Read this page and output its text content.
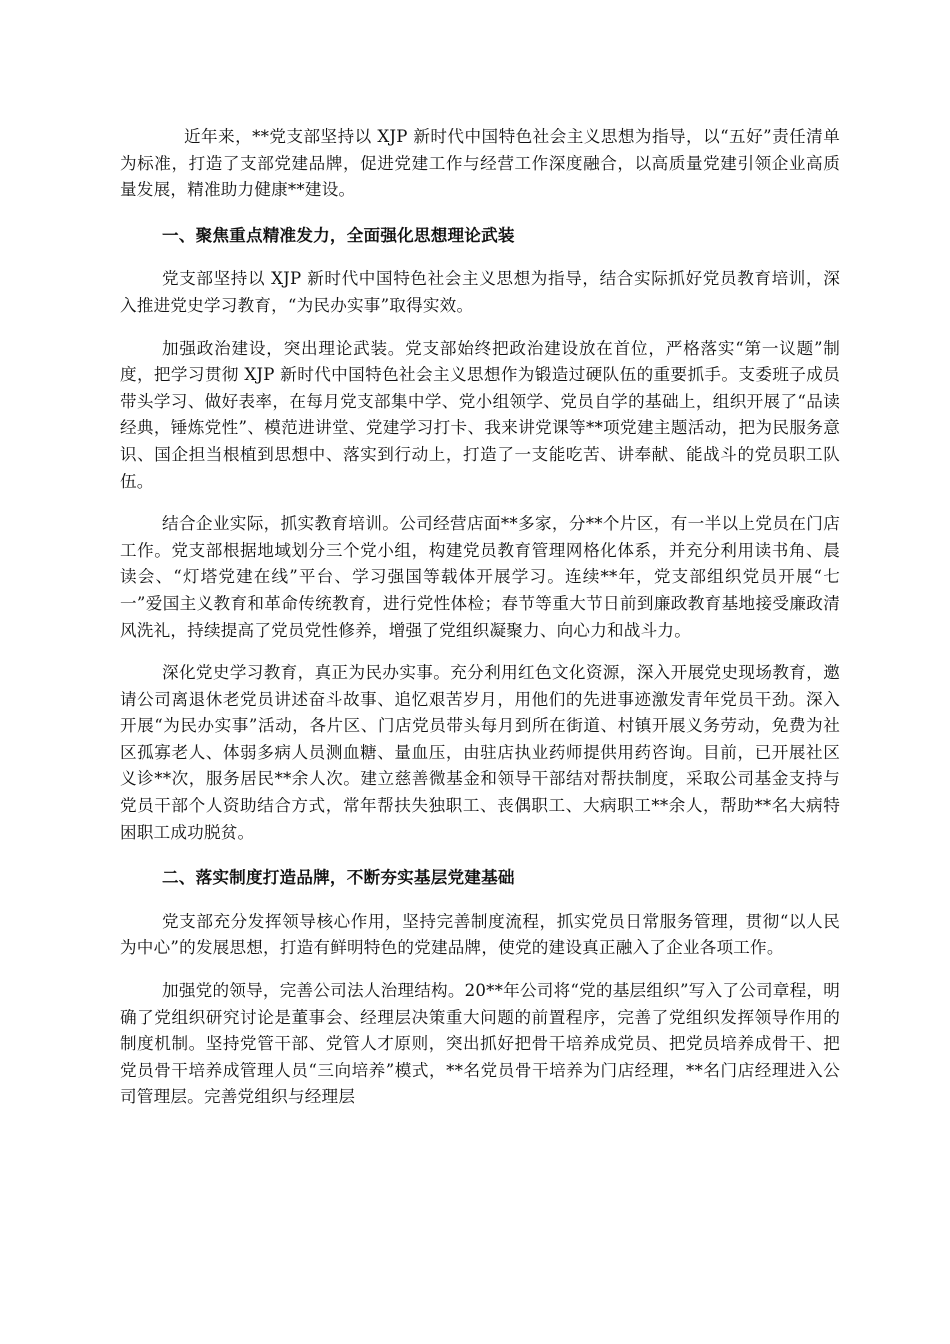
近年来，**党支部坚持以 XJP 新时代中国特色社会主义思想为指导，以“五好”责任清单为标准，打造了支部党建品牌，促进党建工作与经营工作深度融合，以高质量党建引领企业高质量发展，精准助力健康**建设。

一、聚焦重点精准发力，全面强化思想理论武装

党支部坚持以 XJP 新时代中国特色社会主义思想为指导，结合实际抓好党员教育培训，深入推进党史学习教育，“为民办实事”取得实效。

加强政治建设，突出理论武装。党支部始终把政治建设放在首位，严格落实“第一议题”制度，把学习贯彻 XJP 新时代中国特色社会主义思想作为锻造过硬队伍的重要抓手。支委班子成员带头学习、做好表率，在每月党支部集中学、党小组领学、党员自学的基础上，组织开展了“品读经典，锤炼党性”、模范进讲堂、党建学习打卡、我来讲党课等**项党建主题活动，把为民服务意识、国企担当根植到思想中、落实到行动上，打造了一支能吃苦、讲奉献、能战斗的党员职工队伍。

结合企业实际，抓实教育培训。公司经营店面**多家，分**个片区，有一半以上党员在门店工作。党支部根据地域划分三个党小组，构建党员教育管理网格化体系，并充分利用读书角、晨读会、“灯塔党建在线”平台、学习强国等载体开展学习。连续**年，党支部组织党员开展“七一”爱国主义教育和革命传统教育，进行党性体检；春节等重大节日前到廉政教育基地接受廉政清风洗礼，持续提高了党员党性修养，增强了党组织凝聚力、向心力和战斗力。

深化党史学习教育，真正为民办实事。充分利用红色文化资源，深入开展党史现场教育，邀请公司离退休老党员讲述奋斗故事、追忆艰苦岁月，用他们的先进事迹激发青年党员干劲。深入开展“为民办实事”活动，各片区、门店党员带头每月到所在街道、村镇开展义务劳动，免费为社区孤寡老人、体弱多病人员测血糖、量血压，由驻店执业药师提供用药咨询。目前，已开展社区义诊**次，服务居民**余人次。建立慈善微基金和领导干部结对帮扶制度，采取公司基金支持与党员干部个人资助结合方式，常年帮扶失独职工、丧偶职工、大病职工**余人，帮助**名大病特困职工成功脱贫。

二、落实制度打造品牌，不断夯实基层党建基础

党支部充分发挥领导核心作用，坚持完善制度流程，抓实党员日常服务管理，贯彻“以人民为中心”的发展思想，打造有鲜明特色的党建品牌，使党的建设真正融入了企业各项工作。

加强党的领导，完善公司法人治理结构。20**年公司将“党的基层组织”写入了公司章程，明确了党组织研究讨论是董事会、经理层决策重大问题的前置程序，完善了党组织发挥领导作用的制度机制。坚持党管干部、党管人才原则，突出抓好把骨干培养成党员、把党员培养成骨干、把党员骨干培养成管理人员“三向培养”模式，**名党员骨干培养为门店经理，**名门店经理进入公司管理层。完善党组织与经理层
